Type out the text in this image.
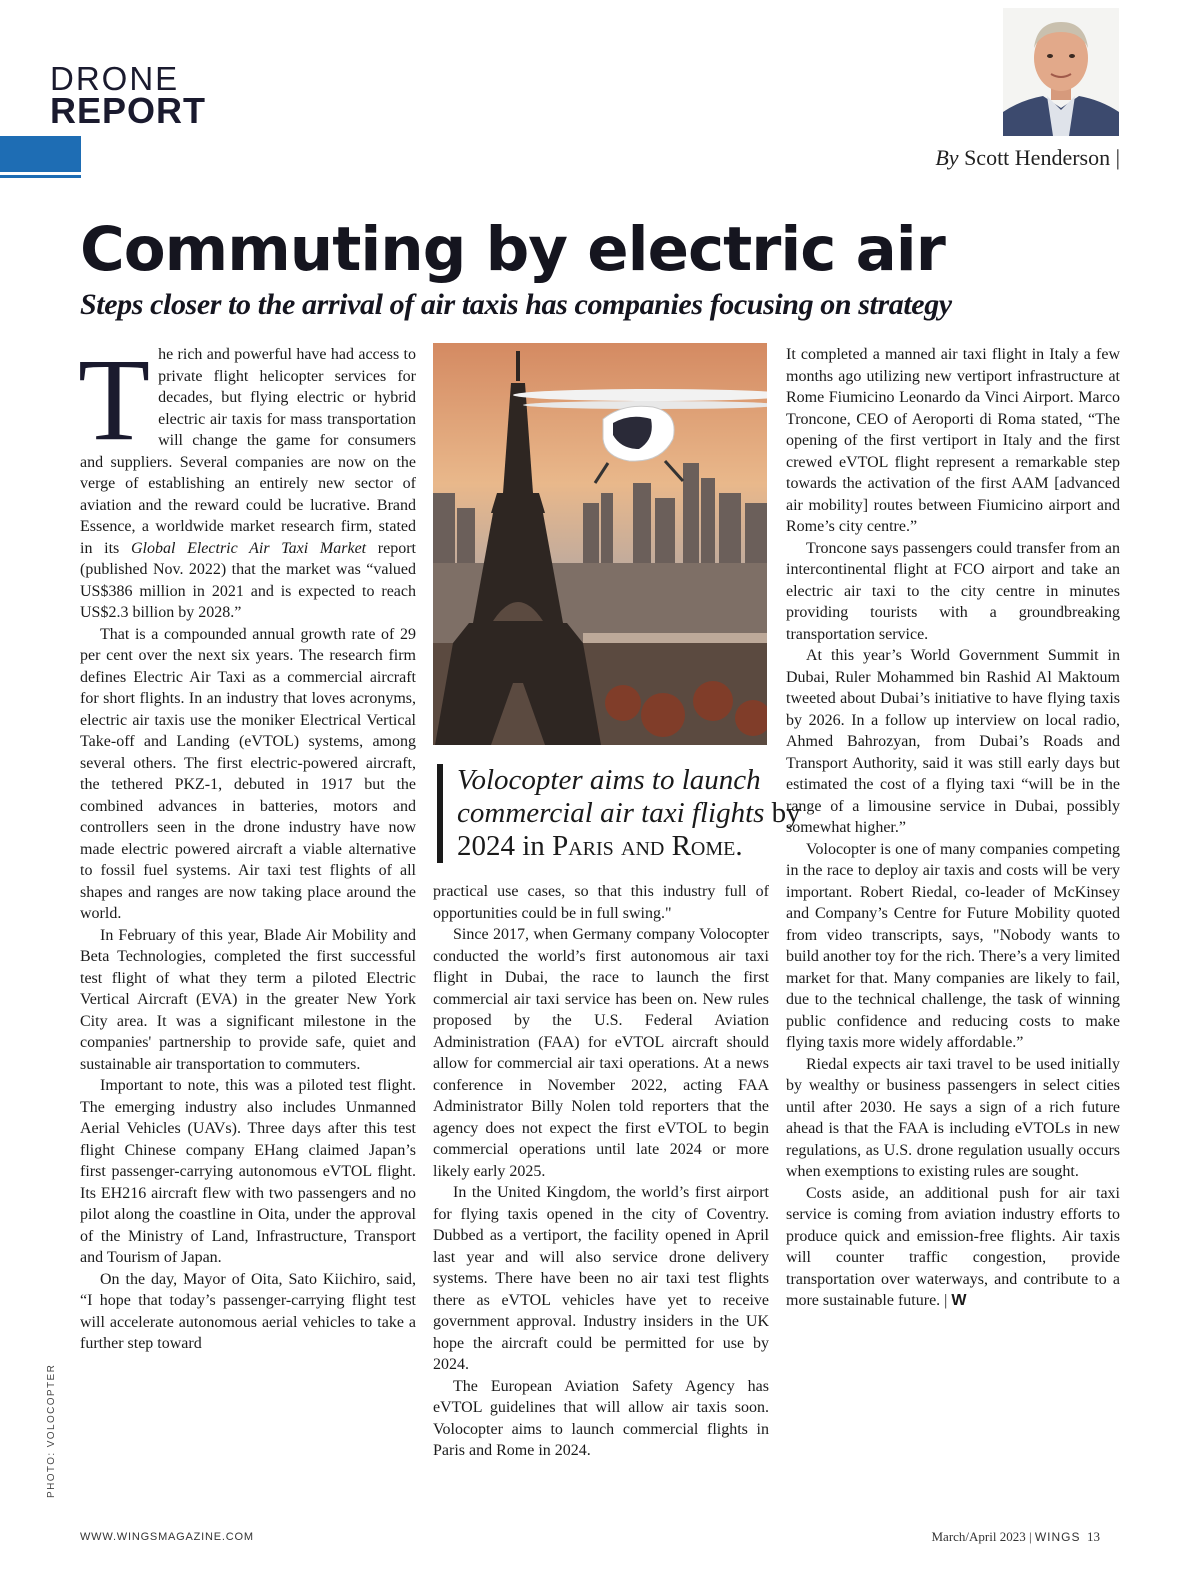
DRONE
REPORT
By Scott Henderson |
Commuting by electric air
Steps closer to the arrival of air taxis has companies focusing on strategy

The rich and powerful have had access to private flight helicopter services for decades, but flying electric or hybrid electric air taxis for mass transportation will change the game for consumers and suppliers. Several companies are now on the verge of establishing an entirely new sector of aviation and the reward could be lucrative. Brand Essence, a worldwide market research firm, stated in its Global Electric Air Taxi Market report (published Nov. 2022) that the market was “valued US$386 million in 2021 and is expected to reach US$2.3 billion by 2028.”

That is a compounded annual growth rate of 29 per cent over the next six years. The research firm defines Electric Air Taxi as a commercial aircraft for short flights. In an industry that loves acronyms, electric air taxis use the moniker Electrical Vertical Take-off and Landing (eVTOL) systems, among several others. The first electric-powered aircraft, the tethered PKZ-1, debuted in 1917 but the combined advances in batteries, motors and controllers seen in the drone industry have now made electric powered aircraft a viable alternative to fossil fuel systems. Air taxi test flights of all shapes and ranges are now taking place around the world.

In February of this year, Blade Air Mobility and Beta Technologies, completed the first successful test flight of what they term a piloted Electric Vertical Aircraft (EVA) in the greater New York City area. It was a significant milestone in the companies' partnership to provide safe, quiet and sustainable air transportation to commuters.

Important to note, this was a piloted test flight. The emerging industry also includes Unmanned Aerial Vehicles (UAVs). Three days after this test flight Chinese company EHang claimed Japan’s first passenger-carrying autonomous eVTOL flight. Its EH216 aircraft flew with two passengers and no pilot along the coastline in Oita, under the approval of the Ministry of Land, Infrastructure, Transport and Tourism of Japan.

On the day, Mayor of Oita, Sato Kiichiro, said, “I hope that today’s passenger-carrying flight test will accelerate autonomous aerial vehicles to take a further step toward

Volocopter aims to launch commercial air taxi flights by 2024 in Paris and Rome.

practical use cases, so that this industry full of opportunities could be in full swing."

Since 2017, when Germany company Volocopter conducted the world’s first autonomous air taxi flight in Dubai, the race to launch the first commercial air taxi service has been on. New rules proposed by the U.S. Federal Aviation Administration (FAA) for eVTOL aircraft should allow for commercial air taxi operations. At a news conference in November 2022, acting FAA Administrator Billy Nolen told reporters that the agency does not expect the first eVTOL to begin commercial operations until late 2024 or more likely early 2025.

In the United Kingdom, the world’s first airport for flying taxis opened in the city of Coventry. Dubbed as a vertiport, the facility opened in April last year and will also service drone delivery systems. There have been no air taxi test flights there as eVTOL vehicles have yet to receive government approval. Industry insiders in the UK hope the aircraft could be permitted for use by 2024.

The European Aviation Safety Agency has eVTOL guidelines that will allow air taxis soon. Volocopter aims to launch commercial flights in Paris and Rome in 2024.

It completed a manned air taxi flight in Italy a few months ago utilizing new vertiport infrastructure at Rome Fiumicino Leonardo da Vinci Airport. Marco Troncone, CEO of Aeroporti di Roma stated, “The opening of the first vertiport in Italy and the first crewed eVTOL flight represent a remarkable step towards the activation of the first AAM [advanced air mobility] routes between Fiumicino airport and Rome’s city centre.”

Troncone says passengers could transfer from an intercontinental flight at FCO airport and take an electric air taxi to the city centre in minutes providing tourists with a groundbreaking transportation service.

At this year’s World Government Summit in Dubai, Ruler Mohammed bin Rashid Al Maktoum tweeted about Dubai’s initiative to have flying taxis by 2026. In a follow up interview on local radio, Ahmed Bahrozyan, from Dubai’s Roads and Transport Authority, said it was still early days but estimated the cost of a flying taxi “will be in the range of a limousine service in Dubai, possibly somewhat higher.”

Volocopter is one of many companies competing in the race to deploy air taxis and costs will be very important. Robert Riedal, co-leader of McKinsey and Company’s Centre for Future Mobility quoted from video transcripts, says, "Nobody wants to build another toy for the rich. There’s a very limited market for that. Many companies are likely to fail, due to the technical challenge, the task of winning public confidence and reducing costs to make flying taxis more widely affordable.”

Riedal expects air taxi travel to be used initially by wealthy or business passengers in select cities until after 2030. He says a sign of a rich future ahead is that the FAA is including eVTOLs in new regulations, as U.S. drone regulation usually occurs when exemptions to existing rules are sought.

Costs aside, an additional push for air taxi service is coming from aviation industry efforts to produce quick and emission-free flights. Air taxis will counter traffic congestion, provide transportation over waterways, and contribute to a more sustainable future. | W

PHOTO: VOLOCOPTER
WWW.WINGSMAGAZINE.COM	March/April 2023 | WINGS 13
